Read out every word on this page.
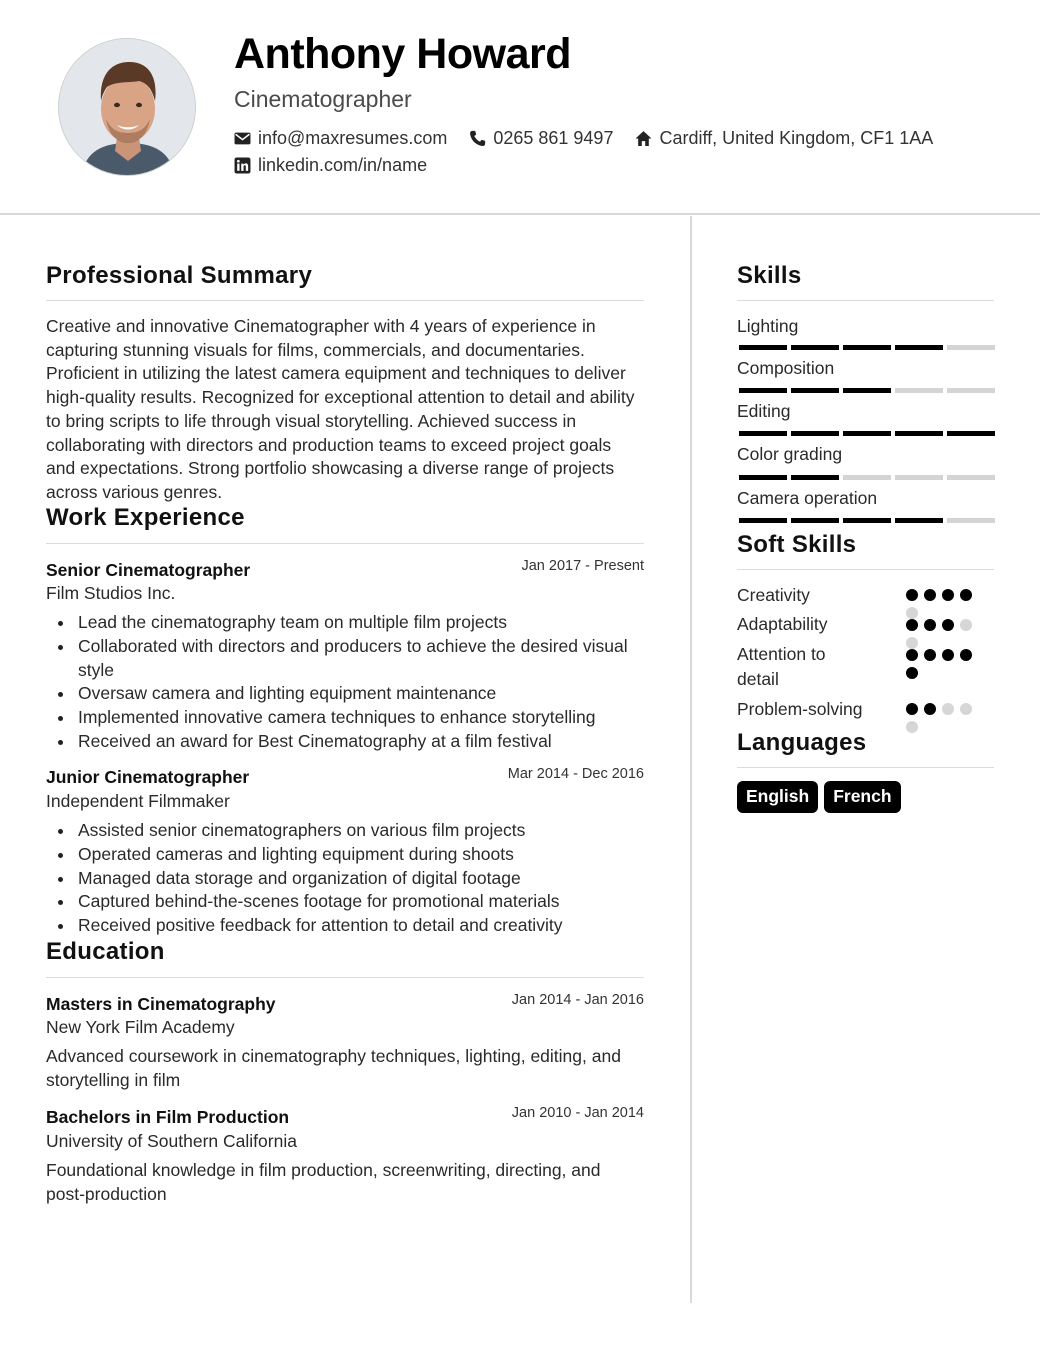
Anthony Howard
Cinematographer
info@maxresumes.com	0265 861 9497	Cardiff, United Kingdom, CF1 1AA
linkedin.com/in/name
Professional Summary
Creative and innovative Cinematographer with 4 years of experience in capturing stunning visuals for films, commercials, and documentaries. Proficient in utilizing the latest camera equipment and techniques to deliver high-quality results. Recognized for exceptional attention to detail and ability to bring scripts to life through visual storytelling. Achieved success in collaborating with directors and production teams to exceed project goals and expectations. Strong portfolio showcasing a diverse range of projects across various genres.
Work Experience
Senior Cinematographer	Jan 2017 - Present
Film Studios Inc.
Lead the cinematography team on multiple film projects
Collaborated with directors and producers to achieve the desired visual style
Oversaw camera and lighting equipment maintenance
Implemented innovative camera techniques to enhance storytelling
Received an award for Best Cinematography at a film festival
Junior Cinematographer	Mar 2014 - Dec 2016
Independent Filmmaker
Assisted senior cinematographers on various film projects
Operated cameras and lighting equipment during shoots
Managed data storage and organization of digital footage
Captured behind-the-scenes footage for promotional materials
Received positive feedback for attention to detail and creativity
Education
Masters in Cinematography	Jan 2014 - Jan 2016
New York Film Academy
Advanced coursework in cinematography techniques, lighting, editing, and storytelling in film
Bachelors in Film Production	Jan 2010 - Jan 2014
University of Southern California
Foundational knowledge in film production, screenwriting, directing, and post-production
Skills
Lighting
Composition
Editing
Color grading
Camera operation
Soft Skills
Creativity
Adaptability
Attention to detail
Problem-solving
Languages
English	French
